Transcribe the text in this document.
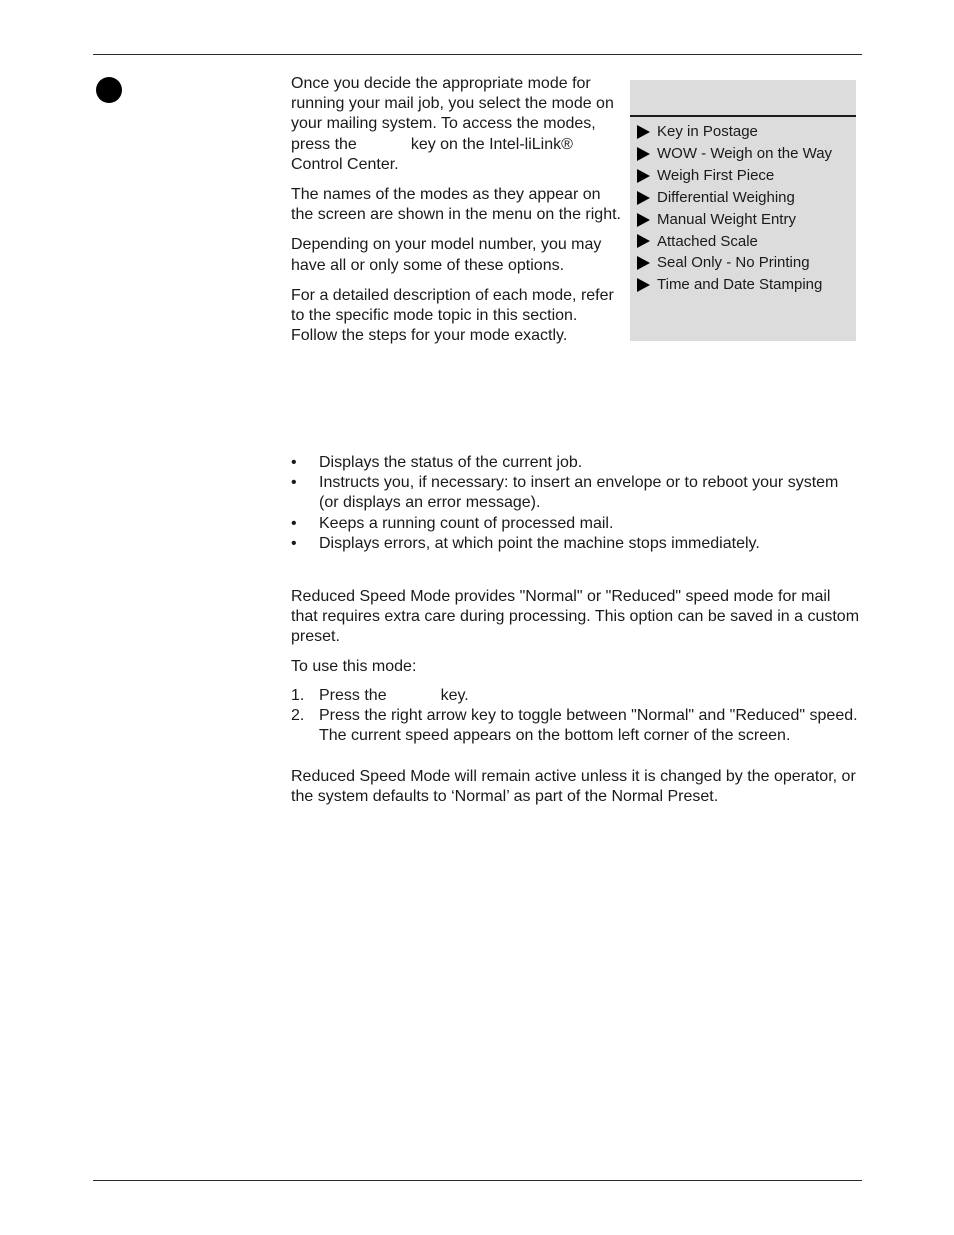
Once you decide the appropriate mode for running your mail job, you select the mode on your mailing system. To access the modes, press the	key on the Intel-liLink® Control Center.

The names of the modes as they appear on the screen are shown in the menu on the right.

Depending on your model number, you may have all or only some of these options.

For a detailed description of each mode, refer to the specific mode topic in this section. Follow the steps for your mode exactly.

Key in Postage
WOW - Weigh on the Way
Weigh First Piece
Differential Weighing
Manual Weight Entry
Attached Scale
Seal Only - No Printing
Time and Date Stamping
• Displays the status of the current job.
• Instructs you, if necessary: to insert an envelope or to reboot your system (or displays an error message).
• Keeps a running count of processed mail.
• Displays errors, at which point the machine stops immediately.

Reduced Speed Mode provides "Normal" or "Reduced" speed mode for mail that requires extra care during processing. This option can be saved in a custom preset.

To use this mode:

1. Press the	key.
2. Press the right arrow key to toggle between "Normal" and "Reduced" speed. The current speed appears on the bottom left corner of the screen.

Reduced Speed Mode will remain active unless it is changed by the operator, or the system defaults to ‘Normal’ as part of the Normal Preset.
